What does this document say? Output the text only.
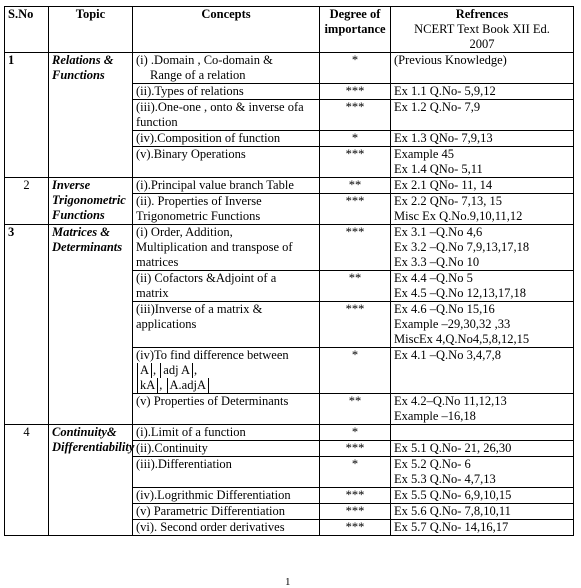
S.No	Topic	Concepts	Degree of importance	Refrences
NCERT Text Book XII Ed.
2007

1	Relations & Functions	(i) .Domain , Co-domain &
Range of a relation	*	(Previous Knowledge)

		(ii).Types of relations	***	Ex 1.1 Q.No- 5,9,12

		(iii).One-one , onto & inverse ofa
function	***	Ex 1.2 Q.No- 7,9

		(iv).Composition of function	*	Ex 1.3 QNo- 7,9,13

		(v).Binary Operations	***	Example 45
Ex 1.4 QNo- 5,11

2	Inverse Trigonometric Functions	(i).Principal value branch Table	**	Ex 2.1 QNo- 11, 14

		(ii). Properties of Inverse
Trigonometric Functions	***	Ex 2.2 QNo- 7,13, 15
Misc Ex Q.No.9,10,11,12

3	Matrices & Determinants	(i) Order, Addition,
Multiplication and transpose of
matrices	***	Ex 3.1 –Q.No 4,6
Ex 3.2 –Q.No 7,9,13,17,18
Ex 3.3 –Q.No 10

		(ii) Cofactors &Adjoint of a
matrix	**	Ex 4.4 –Q.No 5
Ex 4.5 –Q.No 12,13,17,18

		(iii)Inverse of a matrix &
applications	***	Ex 4.6 –Q.No 15,16
Example –29,30,32 ,33
MiscEx 4,Q.No4,5,8,12,15

		(iv)To find difference between
A , adj A ,
kA , A.adjA	*	Ex 4.1 –Q.No 3,4,7,8

		(v) Properties of Determinants	**	Ex 4.2–Q.No 11,12,13
Example –16,18

4	Continuity& Differentiability	(i).Limit of a function	*	

		(ii).Continuity	***	Ex 5.1 Q.No- 21, 26,30

		(iii).Differentiation	*	Ex 5.2 Q.No- 6
Ex 5.3 Q.No- 4,7,13

		(iv).Logrithmic Differentiation	***	Ex 5.5 Q.No- 6,9,10,15

		(v) Parametric Differentiation	***	Ex 5.6 Q.No- 7,8,10,11

		(vi). Second order derivatives	***	Ex 5.7 Q.No- 14,16,17
1
